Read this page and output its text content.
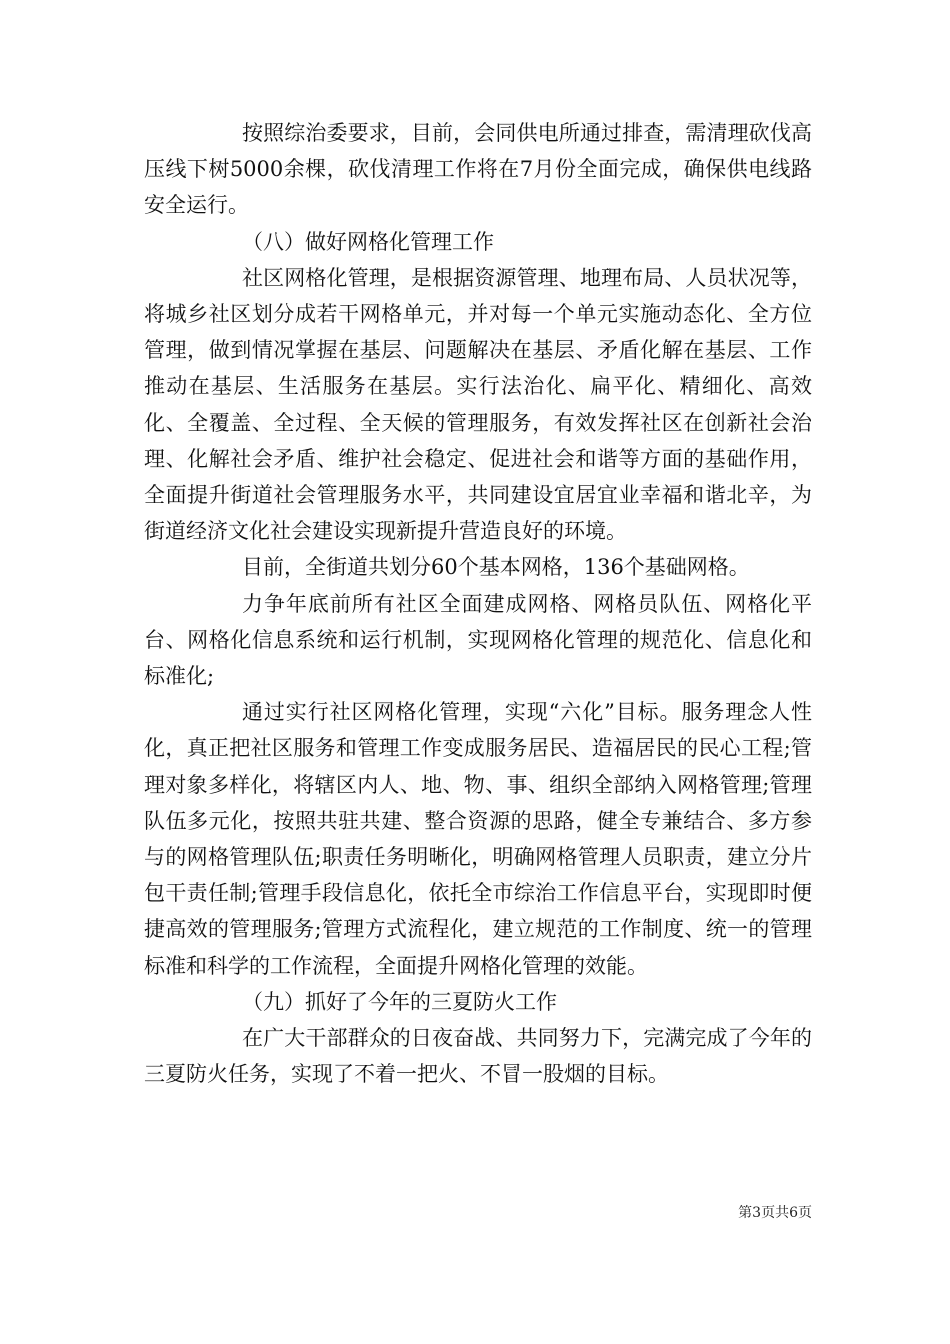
按照综治委要求，目前，会同供电所通过排查，需清理砍伐高压线下树5000余棵，砍伐清理工作将在7月份全面完成，确保供电线路安全运行。

（八）做好网格化管理工作

社区网格化管理，是根据资源管理、地理布局、人员状况等，将城乡社区划分成若干网格单元，并对每一个单元实施动态化、全方位管理，做到情况掌握在基层、问题解决在基层、矛盾化解在基层、工作推动在基层、生活服务在基层。实行法治化、扁平化、精细化、高效化、全覆盖、全过程、全天候的管理服务，有效发挥社区在创新社会治理、化解社会矛盾、维护社会稳定、促进社会和谐等方面的基础作用，全面提升街道社会管理服务水平，共同建设宜居宜业幸福和谐北辛，为街道经济文化社会建设实现新提升营造良好的环境。

目前，全街道共划分60个基本网格，136个基础网格。

力争年底前所有社区全面建成网格、网格员队伍、网格化平台、网格化信息系统和运行机制，实现网格化管理的规范化、信息化和标准化;

通过实行社区网格化管理，实现“六化”目标。服务理念人性化，真正把社区服务和管理工作变成服务居民、造福居民的民心工程;管理对象多样化，将辖区内人、地、物、事、组织全部纳入网格管理;管理队伍多元化，按照共驻共建、整合资源的思路，健全专兼结合、多方参与的网格管理队伍;职责任务明晰化，明确网格管理人员职责，建立分片包干责任制;管理手段信息化，依托全市综治工作信息平台，实现即时便捷高效的管理服务;管理方式流程化，建立规范的工作制度、统一的管理标准和科学的工作流程，全面提升网格化管理的效能。

（九）抓好了今年的三夏防火工作

在广大干部群众的日夜奋战、共同努力下，完满完成了今年的三夏防火任务，实现了不着一把火、不冒一股烟的目标。

第3页共6页
